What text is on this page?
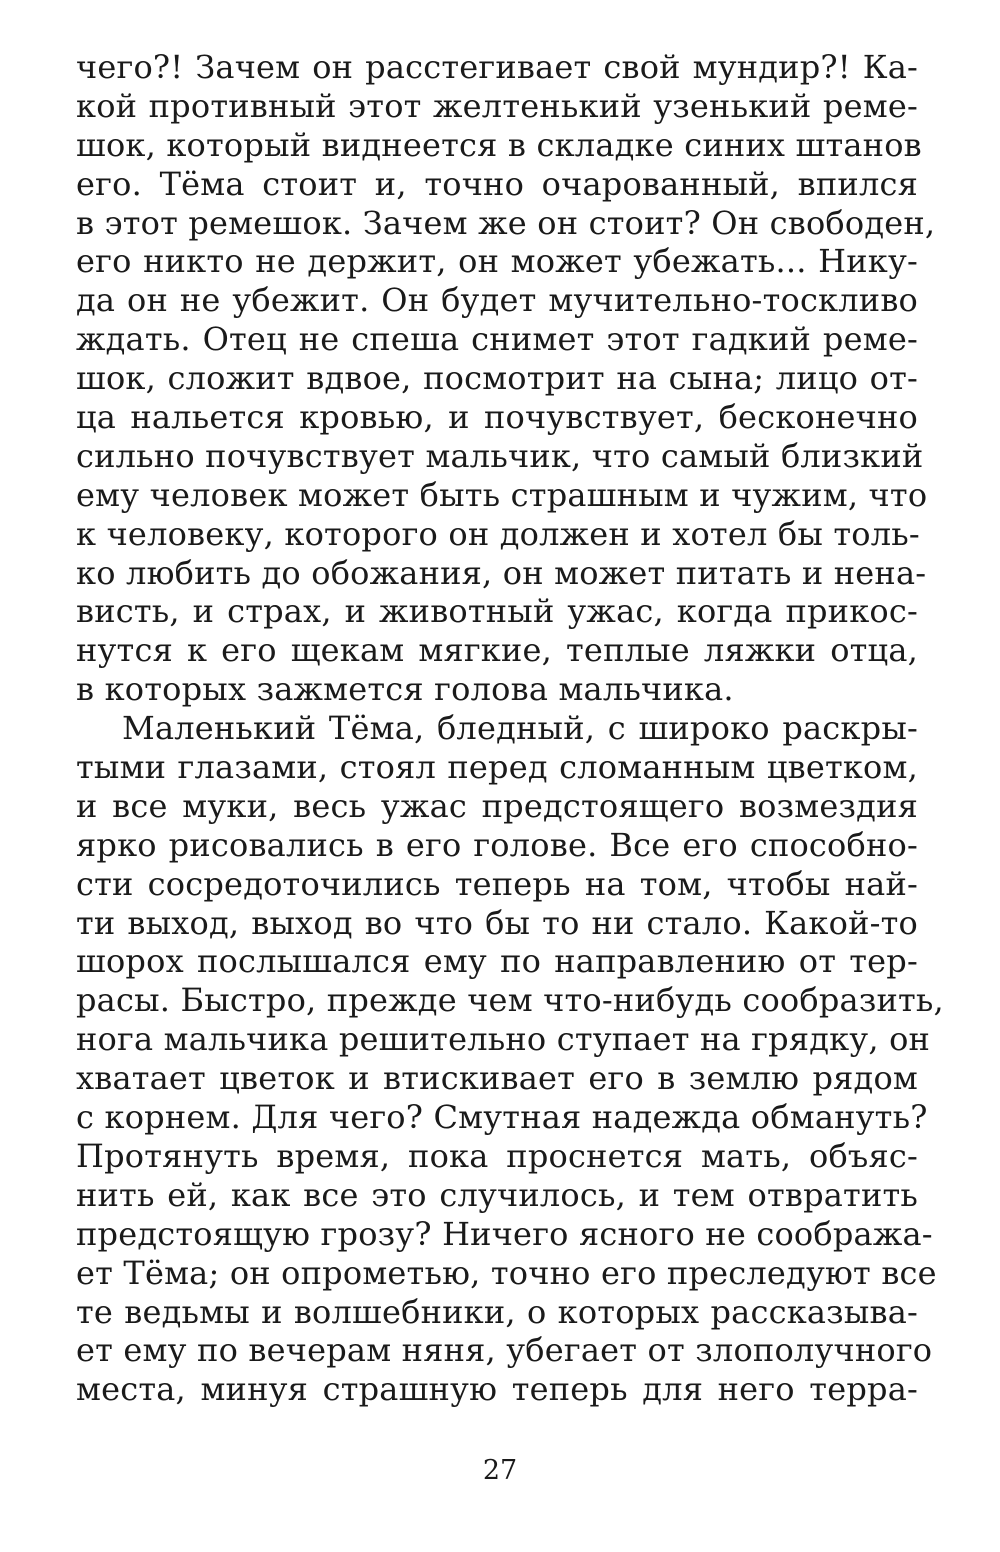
чего?! Зачем он расстегивает свой мундир?! Ка-
кой противный этот желтенький узенький реме-
шок, который виднеется в складке синих штанов
его. Тёма стоит и, точно очарованный, впился
в этот ремешок. Зачем же он стоит? Он свободен,
его никто не держит, он может убежать... Нику-
да он не убежит. Он будет мучительно-тоскливо
ждать. Отец не спеша снимет этот гадкий реме-
шок, сложит вдвое, посмотрит на сына; лицо от-
ца нальется кровью, и почувствует, бесконечно
сильно почувствует мальчик, что самый близкий
ему человек может быть страшным и чужим, что
к человеку, которого он должен и хотел бы толь-
ко любить до обожания, он может питать и нена-
висть, и страх, и животный ужас, когда прикос-
нутся к его щекам мягкие, теплые ляжки отца,
в которых зажмется голова мальчика.
Маленький Тёма, бледный, с широко раскры-
тыми глазами, стоял перед сломанным цветком,
и все муки, весь ужас предстоящего возмездия
ярко рисовались в его голове. Все его способно-
сти сосредоточились теперь на том, чтобы най-
ти выход, выход во что бы то ни стало. Какой-то
шорох послышался ему по направлению от тер-
расы. Быстро, прежде чем что-нибудь сообразить,
нога мальчика решительно ступает на грядку, он
хватает цветок и втискивает его в землю рядом
с корнем. Для чего? Смутная надежда обмануть?
Протянуть время, пока проснется мать, объяс-
нить ей, как все это случилось, и тем отвратить
предстоящую грозу? Ничего ясного не сообража-
ет Тёма; он опрометью, точно его преследуют все
те ведьмы и волшебники, о которых рассказыва-
ет ему по вечерам няня, убегает от злополучного
места, минуя страшную теперь для него терра-
27
